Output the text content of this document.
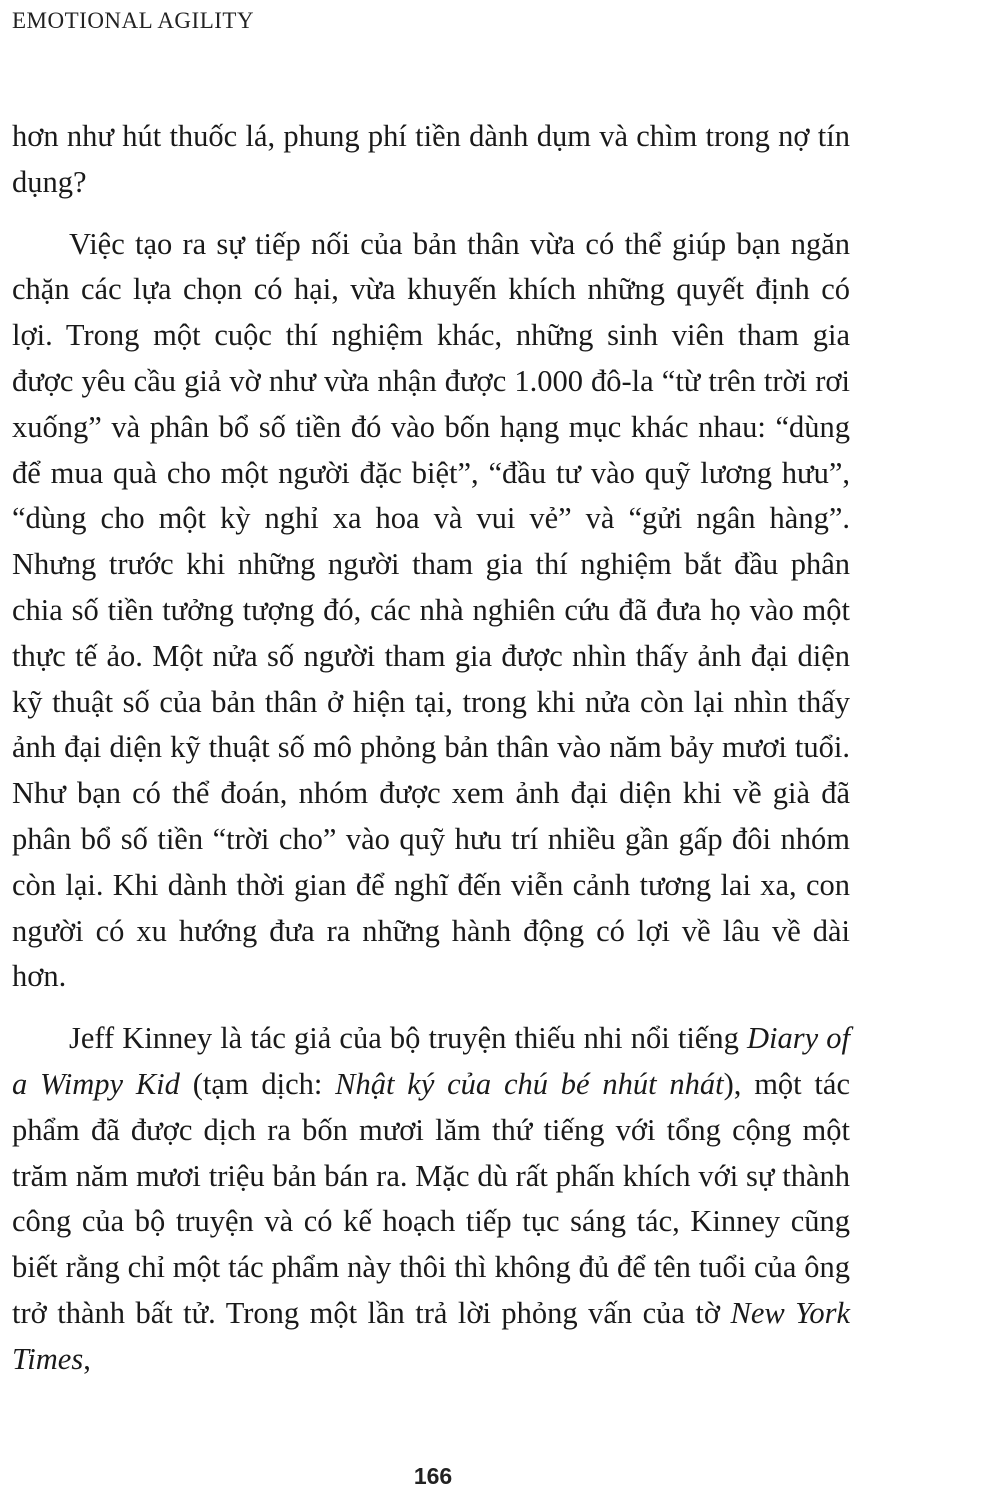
EMOTIONAL AGILITY

hơn như hút thuốc lá, phung phí tiền dành dụm và chìm trong nợ tín dụng?

Việc tạo ra sự tiếp nối của bản thân vừa có thể giúp bạn ngăn chặn các lựa chọn có hại, vừa khuyến khích những quyết định có lợi. Trong một cuộc thí nghiệm khác, những sinh viên tham gia được yêu cầu giả vờ như vừa nhận được 1.000 đô-la “từ trên trời rơi xuống” và phân bổ số tiền đó vào bốn hạng mục khác nhau: “dùng để mua quà cho một người đặc biệt”, “đầu tư vào quỹ lương hưu”, “dùng cho một kỳ nghỉ xa hoa và vui vẻ” và “gửi ngân hàng”. Nhưng trước khi những người tham gia thí nghiệm bắt đầu phân chia số tiền tưởng tượng đó, các nhà nghiên cứu đã đưa họ vào một thực tế ảo. Một nửa số người tham gia được nhìn thấy ảnh đại diện kỹ thuật số của bản thân ở hiện tại, trong khi nửa còn lại nhìn thấy ảnh đại diện kỹ thuật số mô phỏng bản thân vào năm bảy mươi tuổi. Như bạn có thể đoán, nhóm được xem ảnh đại diện khi về già đã phân bổ số tiền “trời cho” vào quỹ hưu trí nhiều gần gấp đôi nhóm còn lại. Khi dành thời gian để nghĩ đến viễn cảnh tương lai xa, con người có xu hướng đưa ra những hành động có lợi về lâu về dài hơn.

Jeff Kinney là tác giả của bộ truyện thiếu nhi nổi tiếng Diary of a Wimpy Kid (tạm dịch: Nhật ký của chú bé nhút nhát), một tác phẩm đã được dịch ra bốn mươi lăm thứ tiếng với tổng cộng một trăm năm mươi triệu bản bán ra. Mặc dù rất phấn khích với sự thành công của bộ truyện và có kế hoạch tiếp tục sáng tác, Kinney cũng biết rằng chỉ một tác phẩm này thôi thì không đủ để tên tuổi của ông trở thành bất tử. Trong một lần trả lời phỏng vấn của tờ New York Times,

166
